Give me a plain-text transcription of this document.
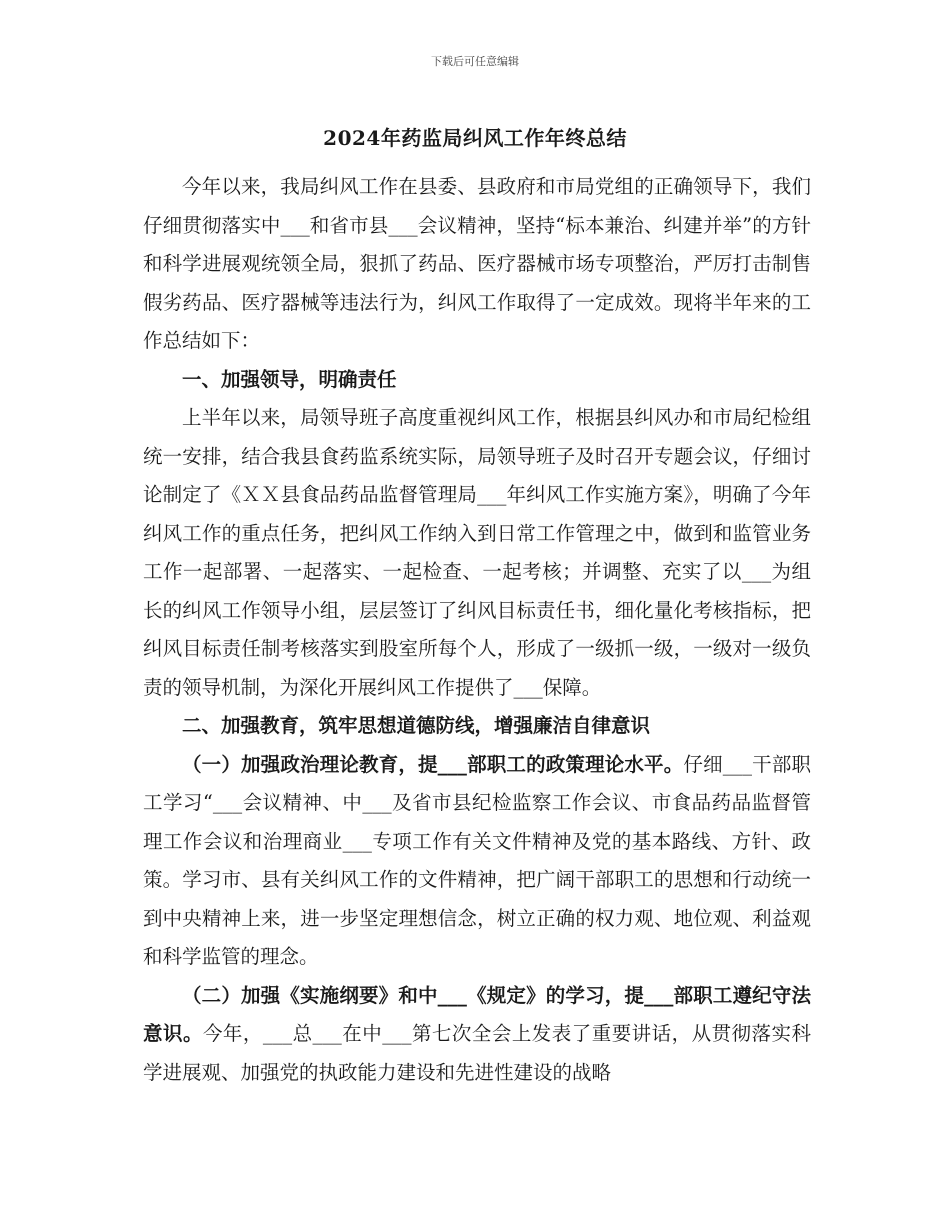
下载后可任意编辑
2024年药监局纠风工作年终总结

今年以来，我局纠风工作在县委、县政府和市局党组的正确领导下，我们仔细贯彻落实中___和省市县___会议精神，坚持“标本兼治、纠建并举”的方针和科学进展观统领全局，狠抓了药品、医疗器械市场专项整治，严厉打击制售假劣药品、医疗器械等违法行为，纠风工作取得了一定成效。现将半年来的工作总结如下：

一、加强领导，明确责任

上半年以来，局领导班子高度重视纠风工作，根据县纠风办和市局纪检组统一安排，结合我县食药监系统实际，局领导班子及时召开专题会议，仔细讨论制定了《ＸＸ县食品药品监督管理局___年纠风工作实施方案》，明确了今年纠风工作的重点任务，把纠风工作纳入到日常工作管理之中，做到和监管业务工作一起部署、一起落实、一起检查、一起考核；并调整、充实了以___为组长的纠风工作领导小组，层层签订了纠风目标责任书，细化量化考核指标，把纠风目标责任制考核落实到股室所每个人，形成了一级抓一级，一级对一级负责的领导机制，为深化开展纠风工作提供了___保障。

二、加强教育，筑牢思想道德防线，增强廉洁自律意识

（一）加强政治理论教育，提___部职工的政策理论水平。仔细___干部职工学习“___会议精神、中___及省市县纪检监察工作会议、市食品药品监督管理工作会议和治理商业___专项工作有关文件精神及党的基本路线、方针、政策。学习市、县有关纠风工作的文件精神，把广阔干部职工的思想和行动统一到中央精神上来，进一步坚定理想信念，树立正确的权力观、地位观、利益观和科学监管的理念。

（二）加强《实施纲要》和中___《规定》的学习，提___部职工遵纪守法意识。今年，___总___在中___第七次全会上发表了重要讲话，从贯彻落实科学进展观、加强党的执政能力建设和先进性建设的战略
